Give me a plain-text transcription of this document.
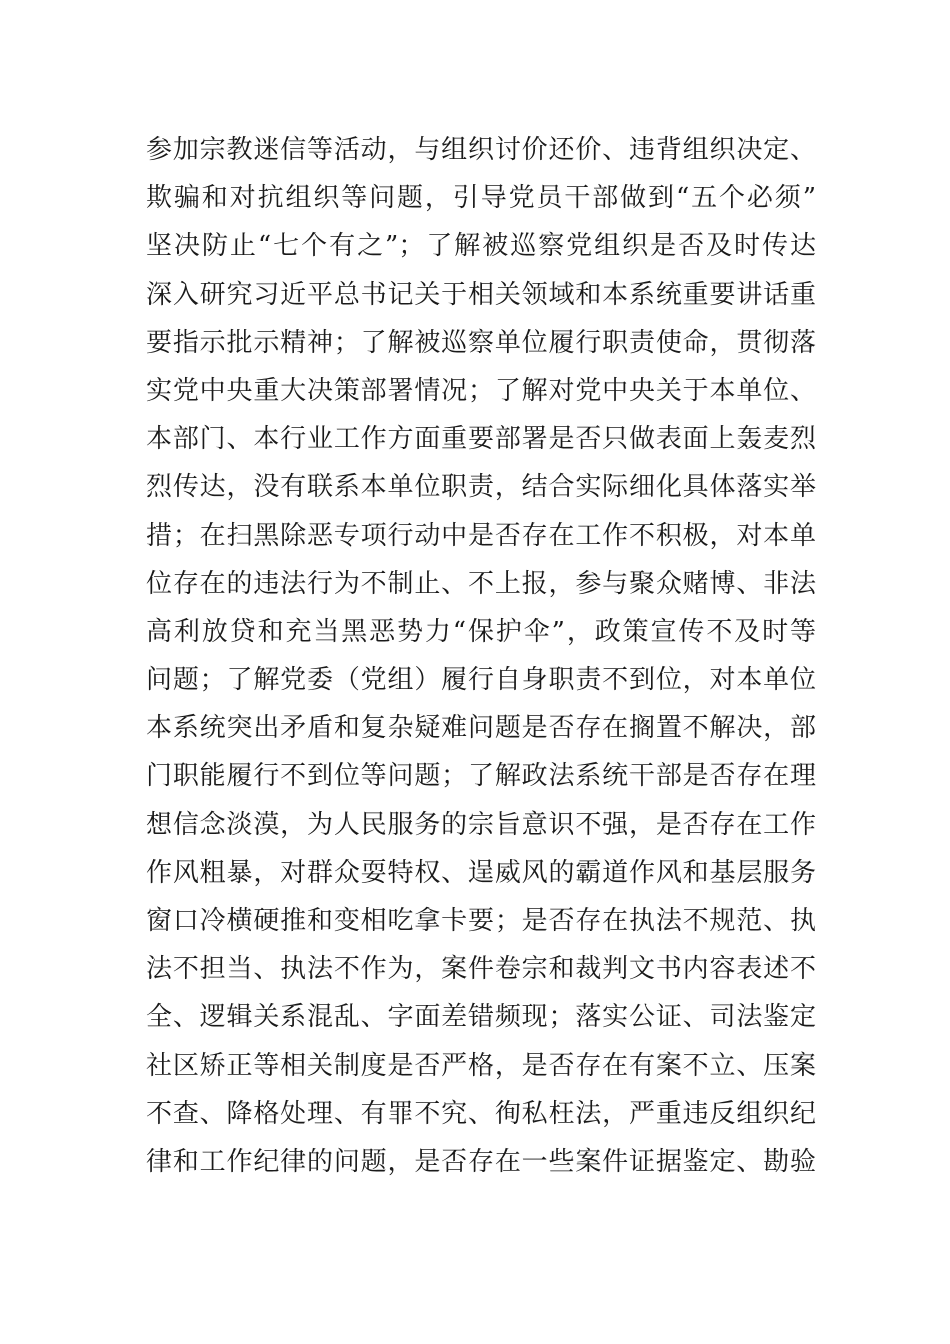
参加宗教迷信等活动，与组织讨价还价、违背组织决定、
欺骗和对抗组织等问题，引导党员干部做到“五个必须”
坚决防止“七个有之”；了解被巡察党组织是否及时传达
深入研究习近平总书记关于相关领域和本系统重要讲话重
要指示批示精神；了解被巡察单位履行职责使命，贯彻落
实党中央重大决策部署情况；了解对党中央关于本单位、
本部门、本行业工作方面重要部署是否只做表面上轰麦烈
烈传达，没有联系本单位职责，结合实际细化具体落实举
措；在扫黑除恶专项行动中是否存在工作不积极，对本单
位存在的违法行为不制止、不上报，参与聚众赌博、非法
高利放贷和充当黑恶势力“保护伞”，政策宣传不及时等
问题；了解党委（党组）履行自身职责不到位，对本单位
本系统突出矛盾和复杂疑难问题是否存在搁置不解决，部
门职能履行不到位等问题；了解政法系统干部是否存在理
想信念淡漠，为人民服务的宗旨意识不强，是否存在工作
作风粗暴，对群众耍特权、逞威风的霸道作风和基层服务
窗口冷横硬推和变相吃拿卡要；是否存在执法不规范、执
法不担当、执法不作为，案件卷宗和裁判文书内容表述不
全、逻辑关系混乱、字面差错频现；落实公证、司法鉴定
社区矫正等相关制度是否严格，是否存在有案不立、压案
不查、降格处理、有罪不究、徇私枉法，严重违反组织纪
律和工作纪律的问题，是否存在一些案件证据鉴定、勘验
